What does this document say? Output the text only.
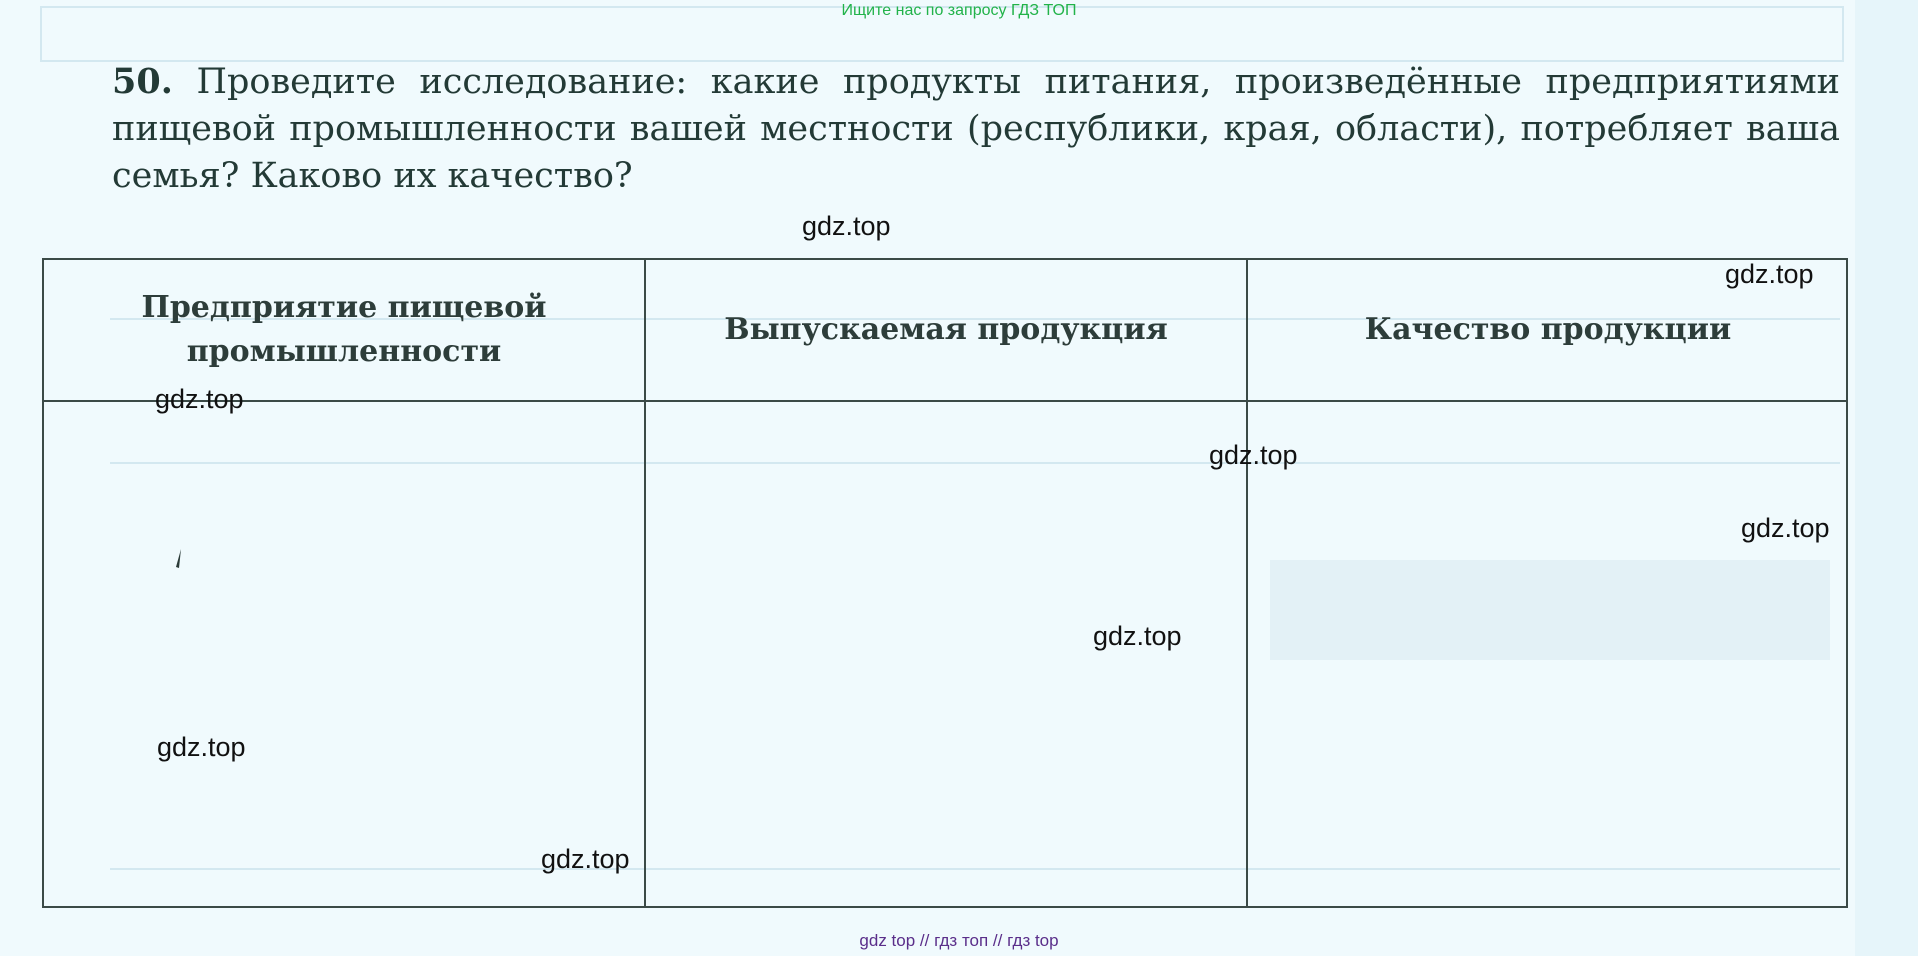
Ищите нас по запросу ГДЗ ТОП
50. Проведите исследование: какие продукты питания, произведённые предприятиями пищевой промышленности вашей местности (республики, края, области), потребляет ваша семья? Каково их качество?
Предприятие пищевой промышленности
Выпускаемая продукция	Качество продукции
gdz.top
gdz.top
gdz.top
gdz.top
gdz.top
gdz.top
gdz.top
gdz.top
gdz top // гдз топ // гдз top
